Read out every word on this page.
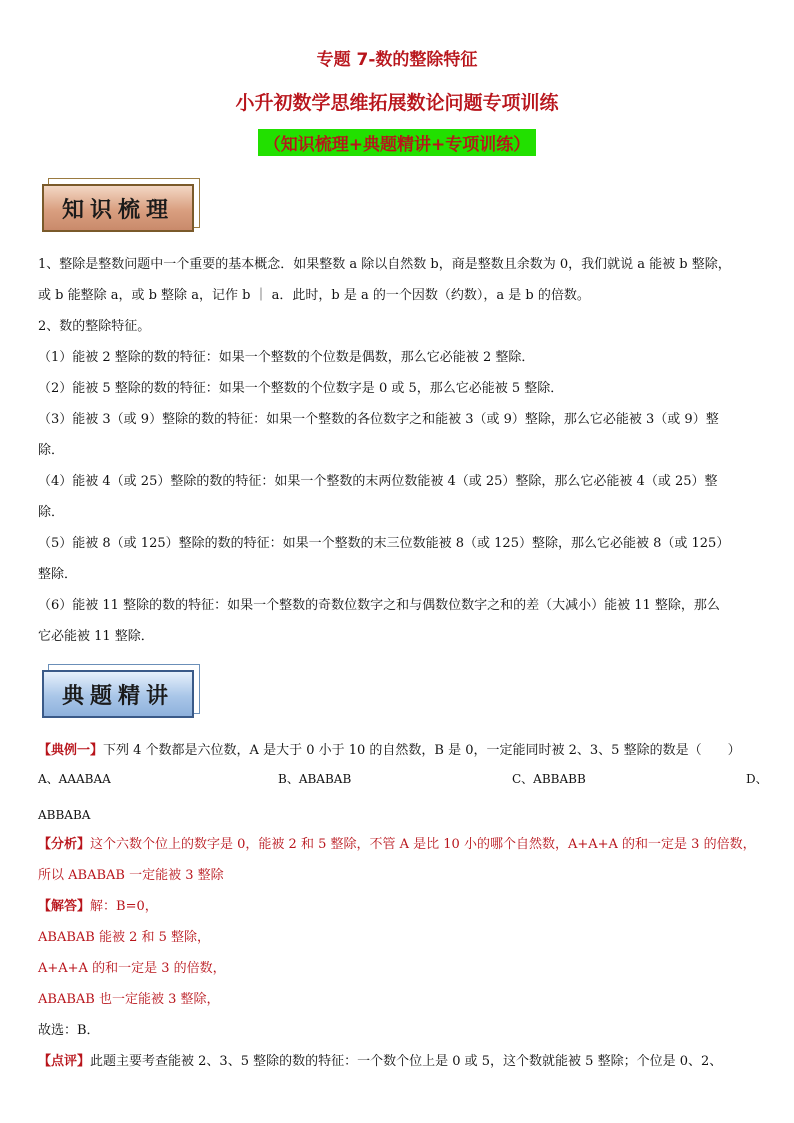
专题 7-数的整除特征
小升初数学思维拓展数论问题专项训练
（知识梳理+典题精讲+专项训练）
知识梳理
1、整除是整数问题中一个重要的基本概念．如果整数 a 除以自然数 b，商是整数且余数为 0，我们就说 a 能被 b 整除，
或 b 能整除 a，或 b 整除 a，记作 b ｜ a．此时，b 是 a 的一个因数（约数），a 是 b 的倍数。
2、数的整除特征。
（1）能被 2 整除的数的特征：如果一个整数的个位数是偶数，那么它必能被 2 整除．
（2）能被 5 整除的数的特征：如果一个整数的个位数字是 0 或 5，那么它必能被 5 整除．
（3）能被 3（或 9）整除的数的特征：如果一个整数的各位数字之和能被 3（或 9）整除，那么它必能被 3（或 9）整
除．
（4）能被 4（或 25）整除的数的特征：如果一个整数的末两位数能被 4（或 25）整除，那么它必能被 4（或 25）整
除．
（5）能被 8（或 125）整除的数的特征：如果一个整数的末三位数能被 8（或 125）整除，那么它必能被 8（或 125）
整除．
（6）能被 11 整除的数的特征：如果一个整数的奇数位数字之和与偶数位数字之和的差（大减小）能被 11 整除，那么
它必能被 11 整除．
典题精讲
【典例一】下列 4 个数都是六位数，A 是大于 0 小于 10 的自然数，B 是 0，一定能同时被 2、3、5 整除的数是（　　）
A、AAABAA	B、ABABAB	C、ABBABB	D、
ABBABA
【分析】这个六数个位上的数字是 0，能被 2 和 5 整除，不管 A 是比 10 小的哪个自然数，A+A+A 的和一定是 3 的倍数，
所以 ABABAB 一定能被 3 整除
【解答】解：B=0，
ABABAB 能被 2 和 5 整除，
A+A+A 的和一定是 3 的倍数，
ABABAB 也一定能被 3 整除，
故选：B．
【点评】此题主要考查能被 2、3、5 整除的数的特征：一个数个位上是 0 或 5，这个数就能被 5 整除；个位是 0、2、
